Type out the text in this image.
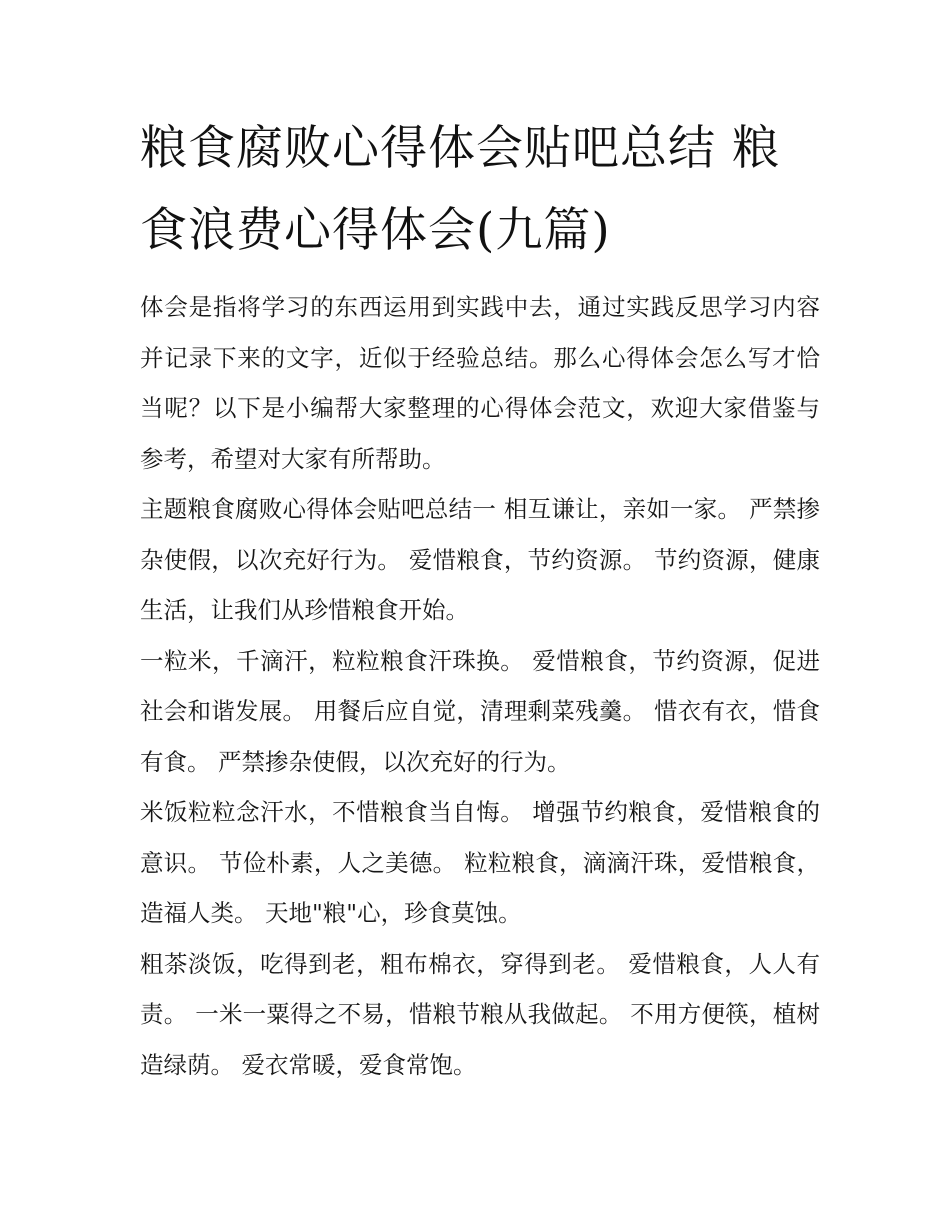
粮食腐败心得体会贴吧总结 粮食浪费心得体会(九篇)

体会是指将学习的东西运用到实践中去，通过实践反思学习内容并记录下来的文字，近似于经验总结。那么心得体会怎么写才恰当呢？以下是小编帮大家整理的心得体会范文，欢迎大家借鉴与参考，希望对大家有所帮助。

主题粮食腐败心得体会贴吧总结一 相互谦让，亲如一家。 严禁掺杂使假，以次充好行为。 爱惜粮食，节约资源。 节约资源，健康生活，让我们从珍惜粮食开始。

一粒米，千滴汗，粒粒粮食汗珠换。 爱惜粮食，节约资源，促进社会和谐发展。 用餐后应自觉，清理剩菜残羹。 惜衣有衣，惜食有食。 严禁掺杂使假，以次充好的行为。

米饭粒粒念汗水，不惜粮食当自悔。 增强节约粮食，爱惜粮食的意识。 节俭朴素，人之美德。 粒粒粮食，滴滴汗珠，爱惜粮食，造福人类。 天地"粮"心，珍食莫蚀。

粗茶淡饭，吃得到老，粗布棉衣，穿得到老。 爱惜粮食，人人有责。 一米一粟得之不易，惜粮节粮从我做起。 不用方便筷，植树造绿荫。 爱衣常暖，爱食常饱。
